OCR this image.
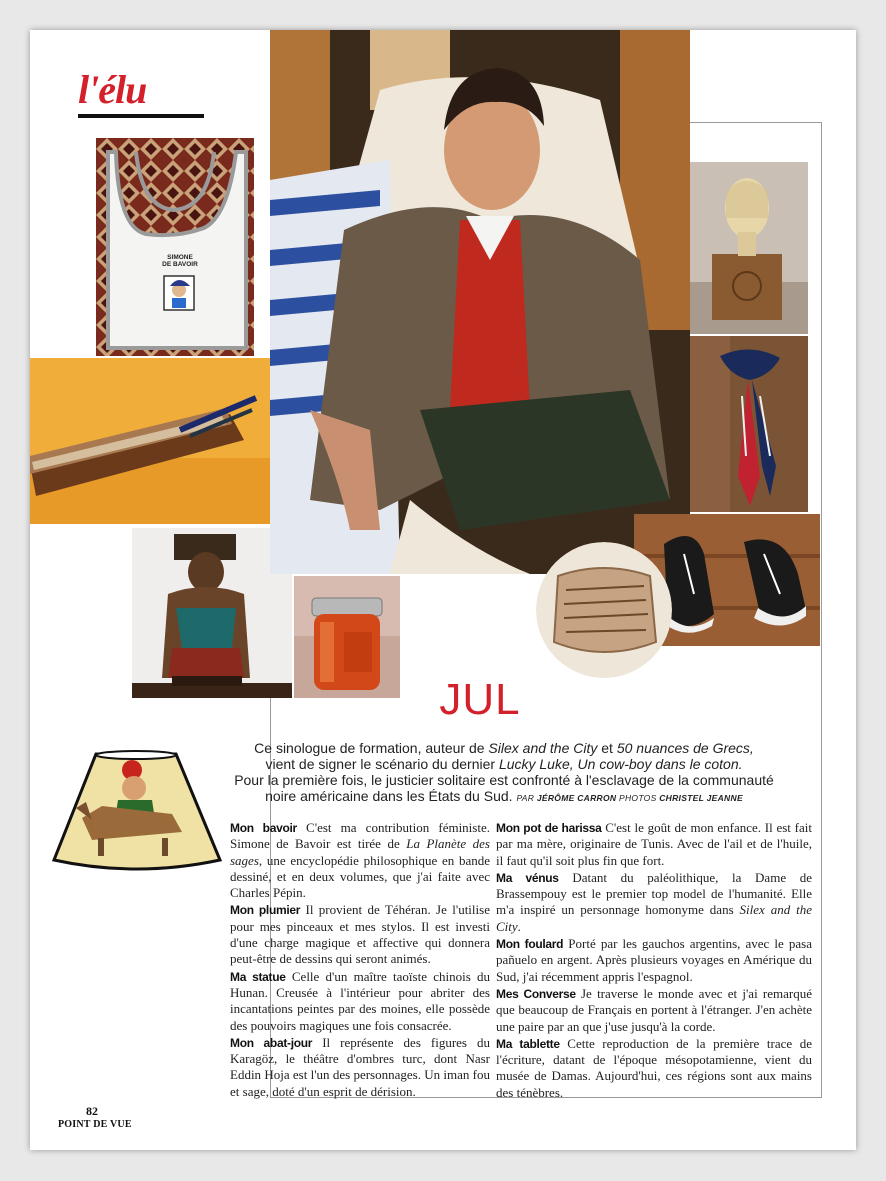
l'élu
SIMONE
DE BAVOIR
JUL
Ce sinologue de formation, auteur de Silex and the City et 50 nuances de Grecs,
vient de signer le scénario du dernier Lucky Luke, Un cow-boy dans le coton.
Pour la première fois, le justicier solitaire est confronté à l'esclavage de la communauté noire américaine dans les États du Sud. PAR JÉRÔME CARRON PHOTOS CHRISTEL JEANNE

Mon bavoir C'est ma contribution féministe. Simone de Bavoir est tirée de La Planète des sages, une encyclopédie philosophique en bande dessiné, et en deux volumes, que j'ai faite avec Charles Pépin.

Mon plumier Il provient de Téhéran. Je l'utilise pour mes pinceaux et mes stylos. Il est investi d'une charge magique et affective qui donnera peut-être de dessins qui seront animés.

Ma statue Celle d'un maître taoïste chinois du Hunan. Creusée à l'intérieur pour abriter des incantations peintes par des moines, elle possède des pouvoirs magiques une fois consacrée.

Mon abat-jour Il représente des figures du Karagöz, le théâtre d'ombres turc, dont Nasr Eddin Hoja est l'un des personnages. Un iman fou et sage, doté d'un esprit de dérision.

Mon pot de harissa C'est le goût de mon enfance. Il est fait par ma mère, originaire de Tunis. Avec de l'ail et de l'huile, il faut qu'il soit plus fin que fort.

Ma vénus Datant du paléolithique, la Dame de Brassempouy est le premier top model de l'humanité. Elle m'a inspiré un personnage homonyme dans Silex and the City.

Mon foulard Porté par les gauchos argentins, avec le pasa pañuelo en argent. Après plusieurs voyages en Amérique du Sud, j'ai récemment appris l'espagnol.

Mes Converse Je traverse le monde avec et j'ai remarqué que beaucoup de Français en portent à l'étranger. J'en achète une paire par an que j'use jusqu'à la corde.

Ma tablette Cette reproduction de la première trace de l'écriture, datant de l'époque mésopotamienne, vient du musée de Damas. Aujourd'hui, ces régions sont aux mains des ténèbres.

82
POINT DE VUE
